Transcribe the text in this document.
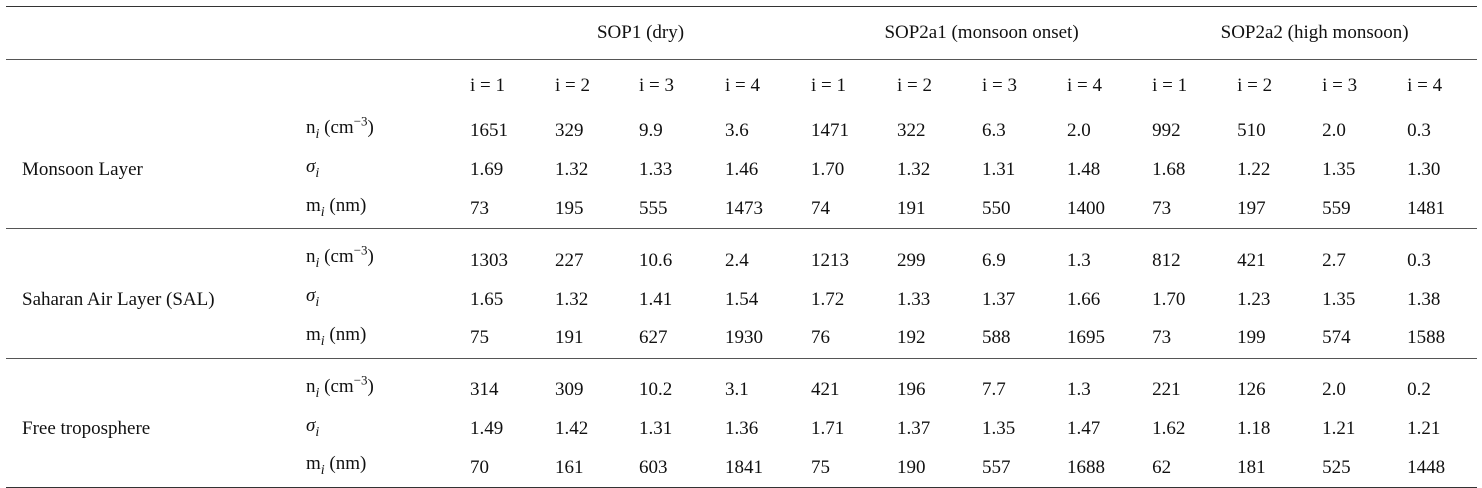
		SOP1 (dry)				SOP2a1 (monsoon onset)				SOP2a2 (high monsoon)			
		i = 1	i = 2	i = 3	i = 4	i = 1	i = 2	i = 3	i = 4	i = 1	i = 2	i = 3	i = 4
Monsoon Layer	$n_i$ $(cm^{-3})$	1651	329	9.9	3.6	1471	322	6.3	2.0	992	510	2.0	0.3
	$\sigma_i$	1.69	1.32	1.33	1.46	1.70	1.32	1.31	1.48	1.68	1.22	1.35	1.30
	$m_i$ (nm)	73	195	555	1473	74	191	550	1400	73	197	559	1481

Saharan Air Layer (SAL)	$n_i$ $(cm^{-3})$	1303	227	10.6	2.4	1213	299	6.9	1.3	812	421	2.7	0.3
	$\sigma_i$	1.65	1.32	1.41	1.54	1.72	1.33	1.37	1.66	1.70	1.23	1.35	1.38
	$m_i$ (nm)	75	191	627	1930	76	192	588	1695	73	199	574	1588

Free troposphere	$n_i$ $(cm^{-3})$	314	309	10.2	3.1	421	196	7.7	1.3	221	126	2.0	0.2
	$\sigma_i$	1.49	1.42	1.31	1.36	1.71	1.37	1.35	1.47	1.62	1.18	1.21	1.21
	$m_i$ (nm)	70	161	603	1841	75	190	557	1688	62	181	525	1448
